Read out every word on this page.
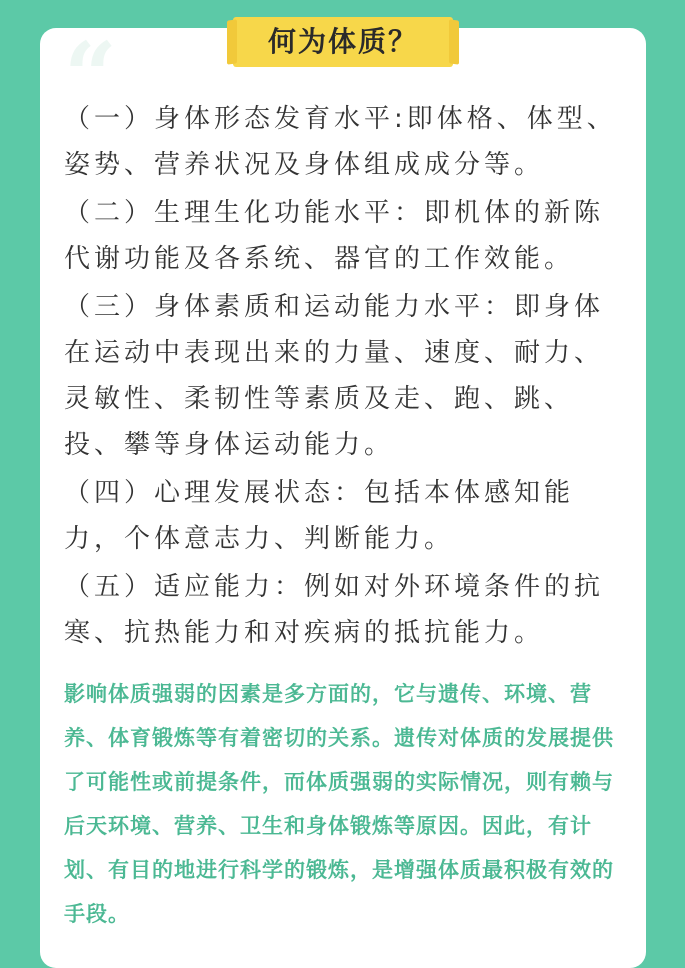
何为体质？
“

（一）身体形态发育水平:即体格、体型、姿势、营养状况及身体组成成分等。

（二）生理生化功能水平：即机体的新陈代谢功能及各系统、器官的工作效能。

（三）身体素质和运动能力水平：即身体在运动中表现出来的力量、速度、耐力、灵敏性、柔韧性等素质及走、跑、跳、投、攀等身体运动能力。

（四）心理发展状态：包括本体感知能力，个体意志力、判断能力。

（五）适应能力：例如对外环境条件的抗寒、抗热能力和对疾病的抵抗能力。

影响体质强弱的因素是多方面的，它与遗传、环境、营养、体育锻炼等有着密切的关系。遗传对体质的发展提供了可能性或前提条件，而体质强弱的实际情况，则有赖与后天环境、营养、卫生和身体锻炼等原因。因此，有计划、有目的地进行科学的锻炼，是增强体质最积极有效的手段。
